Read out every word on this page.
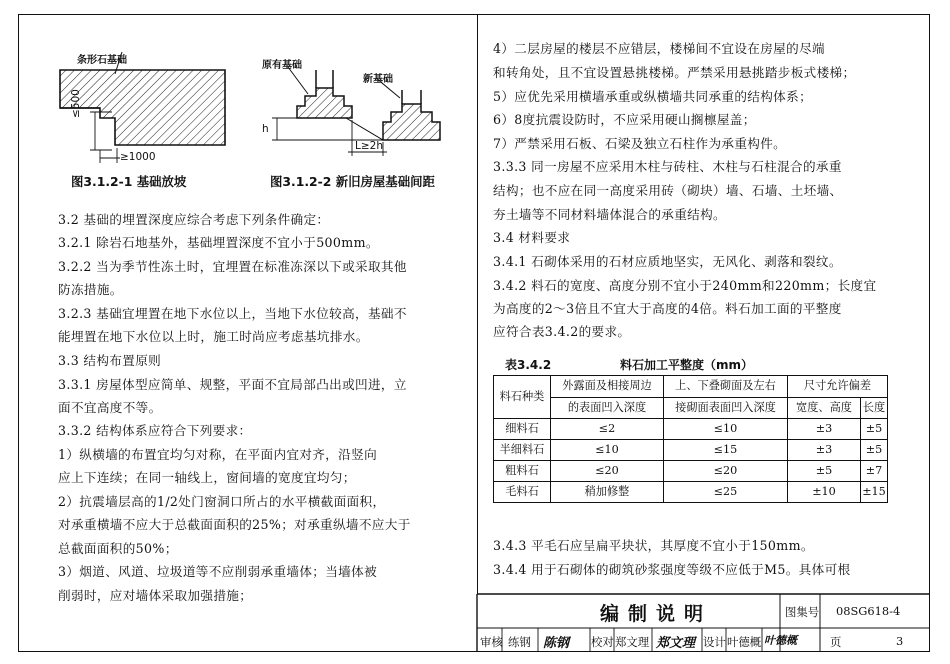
条形石基础
≤500
≥1000
图3.1.2-1 基础放坡
原有基础
新基础
h
L≥2h
图3.1.2-2 新旧房屋基础间距
3.2 基础的埋置深度应综合考虑下列条件确定：
3.2.1 除岩石地基外，基础埋置深度不宜小于500mm。
3.2.2 当为季节性冻土时，宜埋置在标准冻深以下或采取其他
防冻措施。
3.2.3 基础宜埋置在地下水位以上，当地下水位较高，基础不
能埋置在地下水位以上时，施工时尚应考虑基坑排水。
3.3 结构布置原则
3.3.1 房屋体型应简单、规整，平面不宜局部凸出或凹进，立
面不宜高度不等。
3.3.2 结构体系应符合下列要求：
1）纵横墙的布置宜均匀对称，在平面内宜对齐，沿竖向
应上下连续；在同一轴线上，窗间墙的宽度宜均匀；
2）抗震墙层高的1/2处门窗洞口所占的水平横截面面积，
对承重横墙不应大于总截面面积的25%；对承重纵墙不应大于
总截面面积的50%；
3）烟道、风道、垃圾道等不应削弱承重墙体；当墙体被
削弱时，应对墙体采取加强措施；
4）二层房屋的楼层不应错层，楼梯间不宜设在房屋的尽端
和转角处，且不宜设置悬挑楼梯。严禁采用悬挑踏步板式楼梯；
5）应优先采用横墙承重或纵横墙共同承重的结构体系；
6）8度抗震设防时，不应采用硬山搁檩屋盖；
7）严禁采用石板、石梁及独立石柱作为承重构件。
3.3.3 同一房屋不应采用木柱与砖柱、木柱与石柱混合的承重
结构；也不应在同一高度采用砖（砌块）墙、石墙、土坯墙、
夯土墙等不同材料墙体混合的承重结构。
3.4 材料要求
3.4.1 石砌体采用的石材应质地坚实，无风化、剥落和裂纹。
3.4.2 料石的宽度、高度分别不宜小于240mm和220mm；长度宜
为高度的2～3倍且不宜大于高度的4倍。料石加工面的平整度
应符合表3.4.2的要求。
表3.4.2	料石加工平整度（mm）
料石种类	外露面及相接周边	上、下叠砌面及左右	尺寸允许偏差	
	的表面凹入深度	接砌面表面凹入深度	宽度、高度	长度
细料石	≤2	≤10	±3	±5
半细料石	≤10	≤15	±3	±5
粗料石	≤20	≤20	±5	±7
毛料石	稍加修整	≤25	±10	±15
3.4.3 平毛石应呈扁平块状，其厚度不宜小于150mm。
3.4.4 用于石砌体的砌筑砂浆强度等级不应低于M5。具体可根
编制说明	图集号 08SG618-4
审核 练钢 陈钢 校对 郑文理 郑文理 设计 叶德概 叶德概	页	3
